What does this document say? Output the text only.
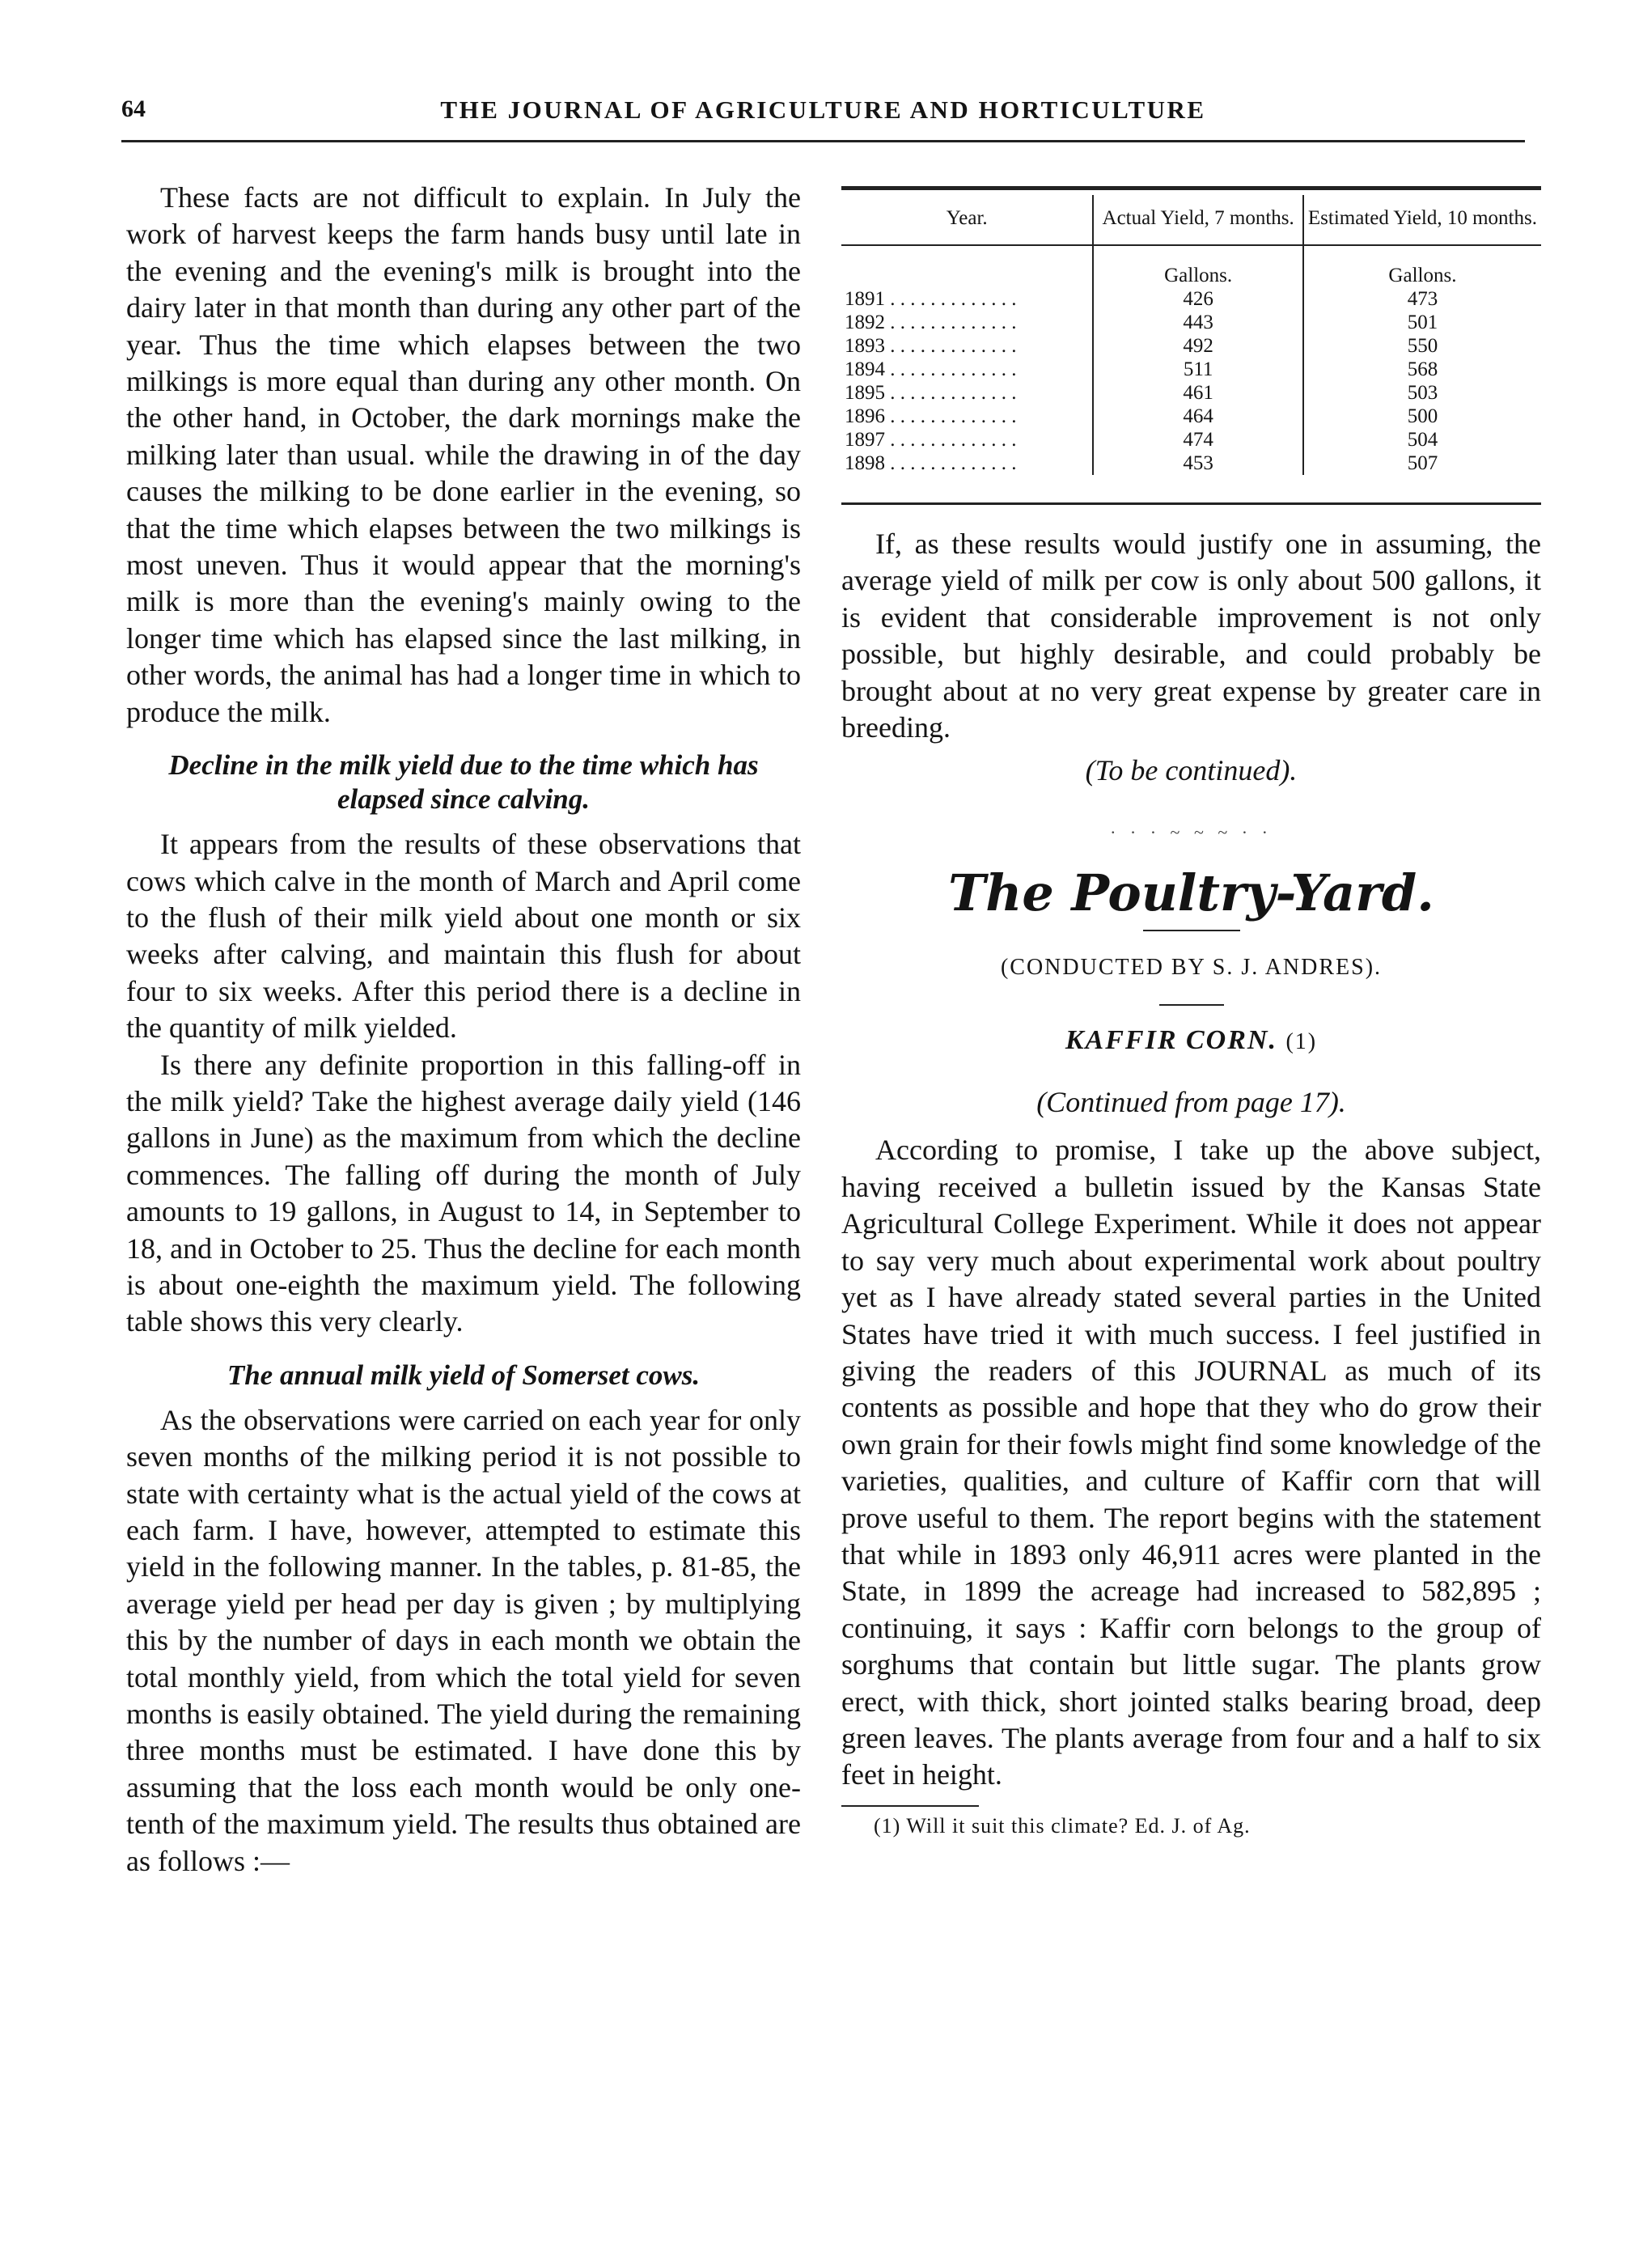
64	THE JOURNAL OF AGRICULTURE AND HORTICULTURE

These facts are not difficult to explain. In July the work of harvest keeps the farm hands busy until late in the evening and the evening's milk is brought into the dairy later in that month than during any other part of the year. Thus the time which elapses between the two milkings is more equal than during any other month. On the other hand, in October, the dark mornings make the milking later than usual. while the drawing in of the day causes the milking to be done earlier in the evening, so that the time which elapses between the two milkings is most uneven. Thus it would appear that the morning's milk is more than the evening's mainly owing to the longer time which has elapsed since the last milking, in other words, the animal has had a longer time in which to produce the milk.

Decline in the milk yield due to the time which has elapsed since calving.

It appears from the results of these observations that cows which calve in the month of March and April come to the flush of their milk yield about one month or six weeks after calving, and maintain this flush for about four to six weeks. After this period there is a decline in the quantity of milk yielded.

Is there any definite proportion in this falling-off in the milk yield? Take the highest average daily yield (146 gallons in June) as the maximum from which the decline commences. The falling off during the month of July amounts to 19 gallons, in August to 14, in September to 18, and in October to 25. Thus the decline for each month is about one-eighth the maximum yield. The following table shows this very clearly.

The annual milk yield of Somerset cows.

As the observations were carried on each year for only seven months of the milking period it is not possible to state with certainty what is the actual yield of the cows at each farm. I have, however, attempted to estimate this yield in the following manner. In the tables, p. 81-85, the average yield per head per day is given ; by multiplying this by the number of days in each month we obtain the total monthly yield, from which the total yield for seven months is easily obtained. The yield during the remaining three months must be estimated. I have done this by assuming that the loss each month would be only one-tenth of the maximum yield. The results thus obtained are as follows :—

Year.	Actual Yield, 7 months.	Estimated Yield, 10 months.
	Gallons.	Gallons.
1891 . . . . . . . . . . . . .	426	473
1892 . . . . . . . . . . . . .	443	501
1893 . . . . . . . . . . . . .	492	550
1894 . . . . . . . . . . . . .	511	568
1895 . . . . . . . . . . . . .	461	503
1896 . . . . . . . . . . . . .	464	500
1897 . . . . . . . . . . . . .	474	504
1898 . . . . . . . . . . . . .	453	507

If, as these results would justify one in assuming, the average yield of milk per cow is only about 500 gallons, it is evident that considerable improvement is not only possible, but highly desirable, and could probably be brought about at no very great expense by greater care in breeding.

(To be continued).

· · · ~ ~ ~ · ·
The Poultry-Yard.
(CONDUCTED BY S. J. ANDRES).
KAFFIR CORN. (1)

(Continued from page 17).

According to promise, I take up the above subject, having received a bulletin issued by the Kansas State Agricultural College Experiment. While it does not appear to say very much about experimental work about poultry yet as I have already stated several parties in the United States have tried it with much success. I feel justified in giving the readers of this JOURNAL as much of its contents as possible and hope that they who do grow their own grain for their fowls might find some knowledge of the varieties, qualities, and culture of Kaffir corn that will prove useful to them. The report begins with the statement that while in 1893 only 46,911 acres were planted in the State, in 1899 the acreage had increased to 582,895 ; continuing, it says : Kaffir corn belongs to the group of sorghums that contain but little sugar. The plants grow erect, with thick, short jointed stalks bearing broad, deep green leaves. The plants average from four and a half to six feet in height.

(1) Will it suit this climate? Ed. J. of Ag.
